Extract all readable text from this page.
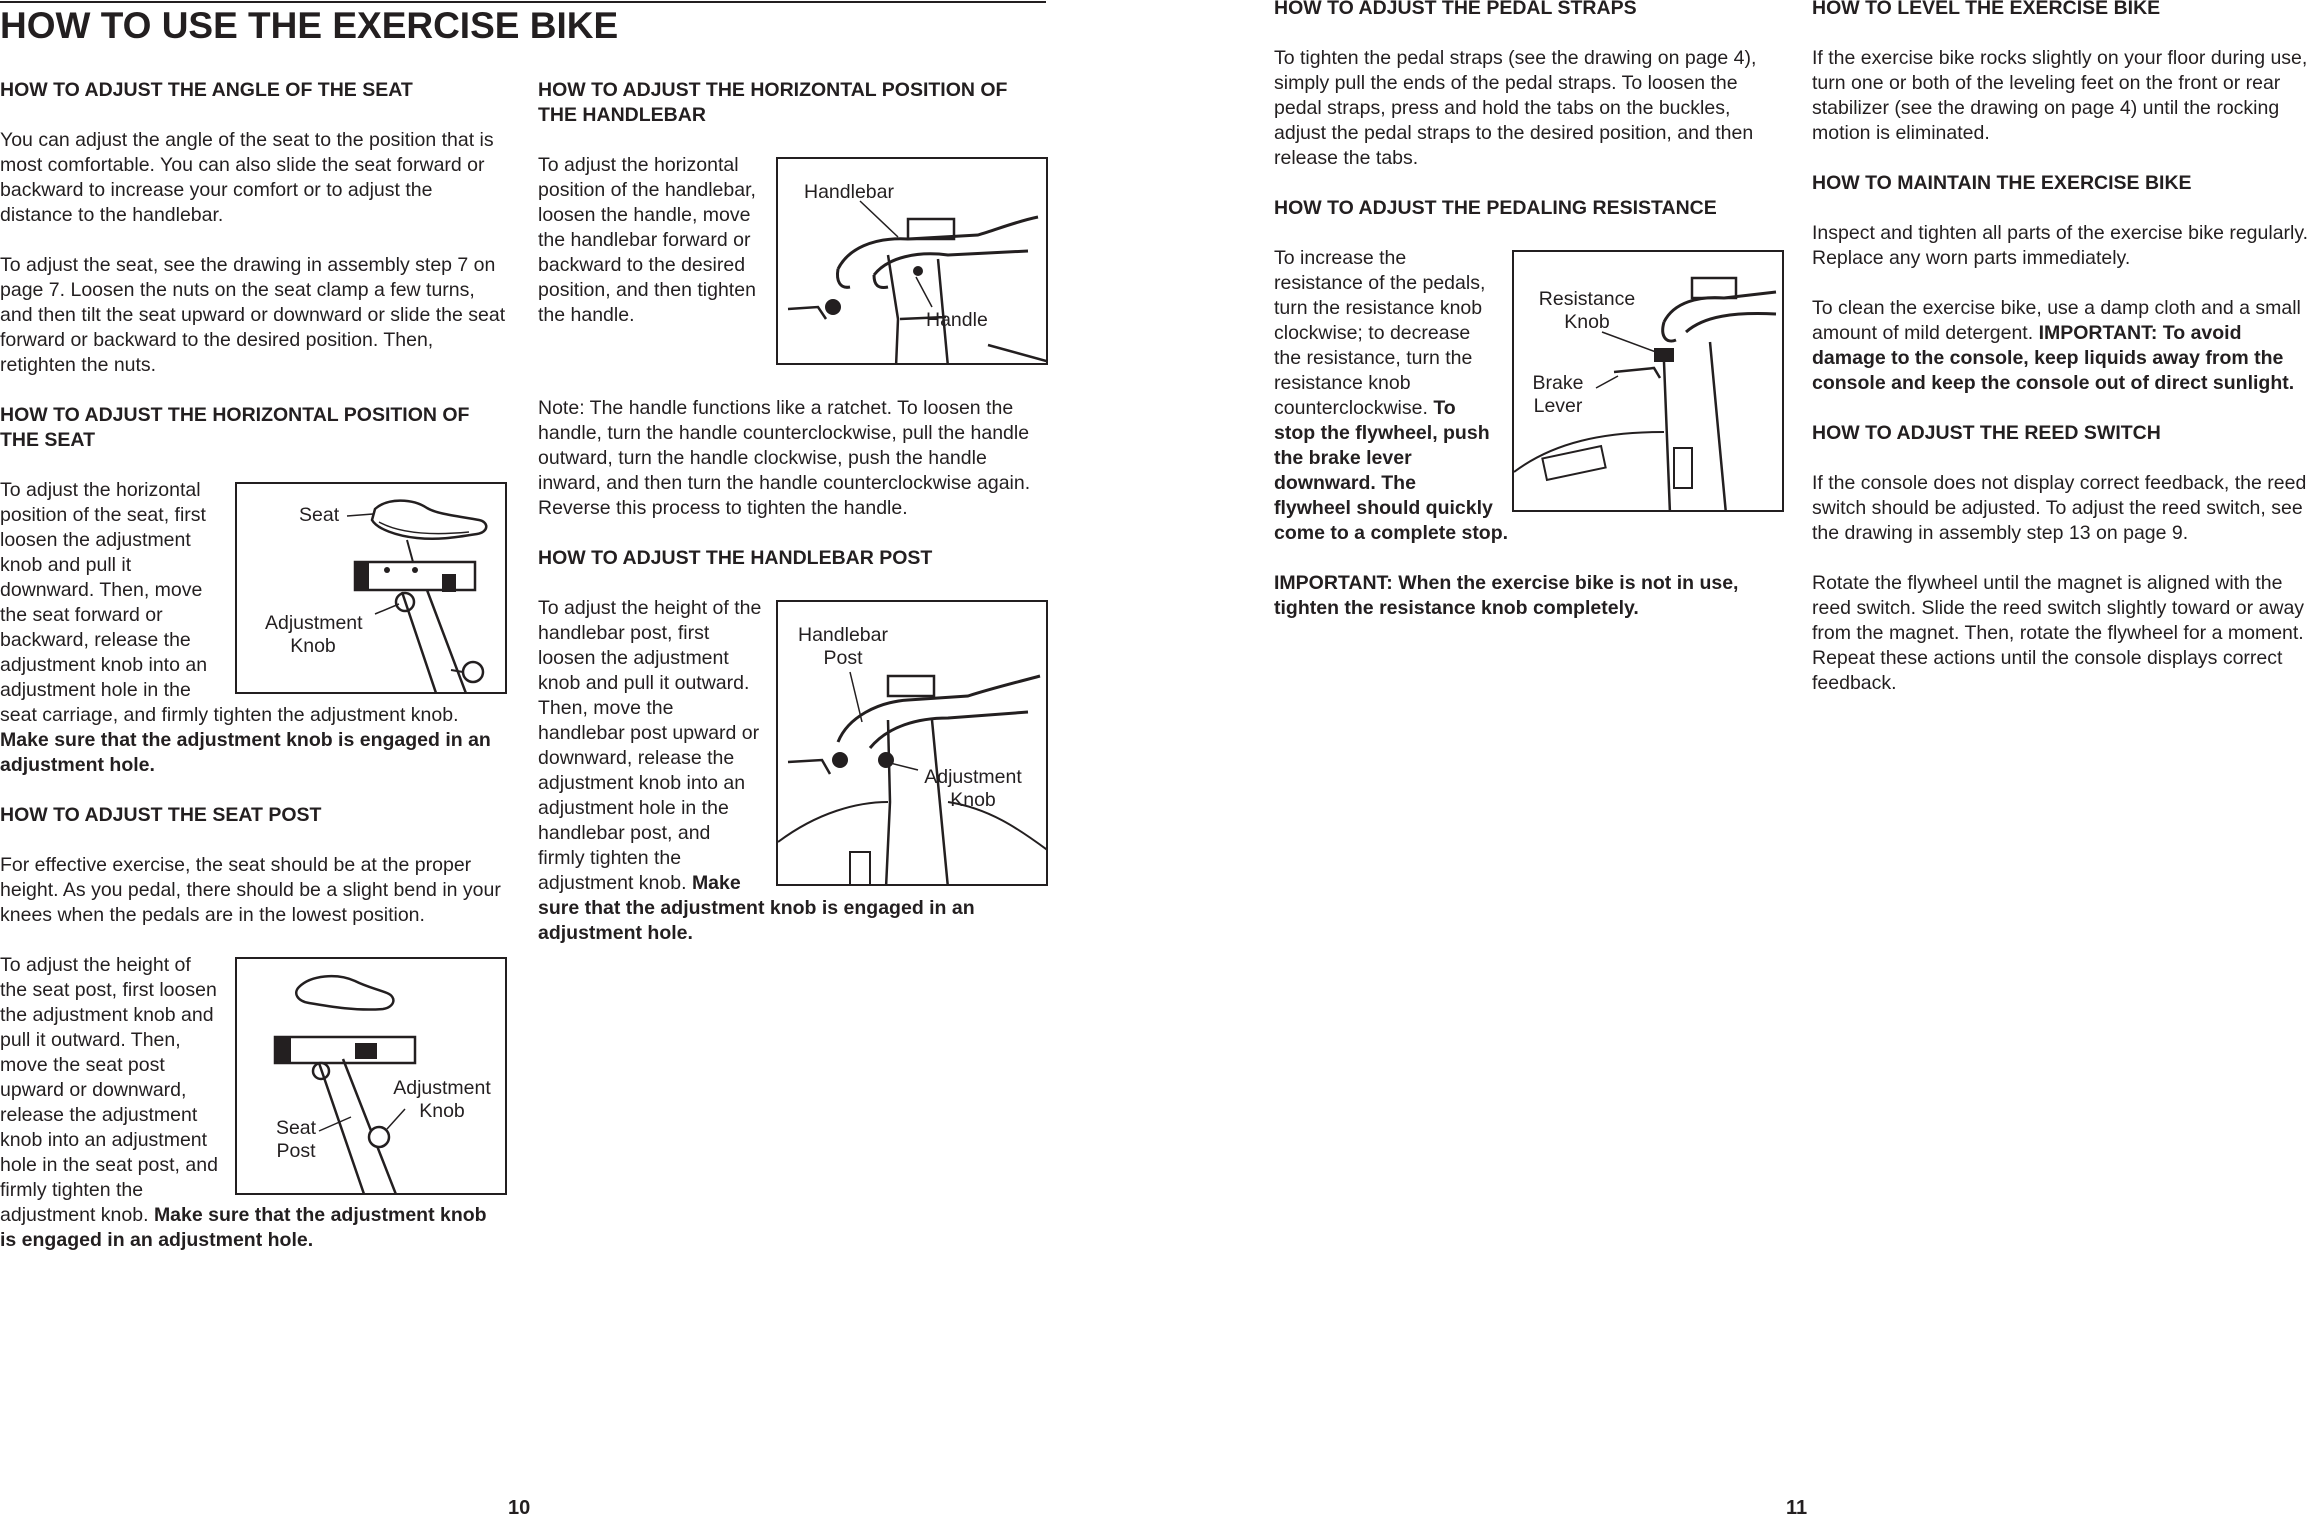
HOW TO USE THE EXERCISE BIKE
HOW TO ADJUST THE ANGLE OF THE SEAT

You can adjust the angle of the seat to the position that is most comfortable. You can also slide the seat forward or backward to increase your comfort or to adjust the distance to the handlebar.

To adjust the seat, see the drawing in assembly step 7 on page 7. Loosen the nuts on the seat clamp a few turns, and then tilt the seat upward or downward or slide the seat forward or backward to the desired position. Then, retighten the nuts.

HOW TO ADJUST THE HORIZONTAL POSITION OF THE SEAT
Seat
Adjustment Knob

To adjust the horizontal position of the seat, first loosen the adjustment knob and pull it downward. Then, move the seat forward or backward, release the adjustment knob into an adjustment hole in the seat carriage, and firmly tighten the adjustment knob. Make sure that the adjustment knob is engaged in an adjustment hole.

HOW TO ADJUST THE SEAT POST

For effective exercise, the seat should be at the proper height. As you pedal, there should be a slight bend in your knees when the pedals are in the lowest position.

Adjustment Knob
Seat Post

To adjust the height of the seat post, first loosen the adjustment knob and pull it outward. Then, move the seat post upward or downward, release the adjustment knob into an adjustment hole in the seat post, and firmly tighten the adjustment knob. Make sure that the adjustment knob is engaged in an adjustment hole.

HOW TO ADJUST THE HORIZONTAL POSITION OF THE HANDLEBAR
Handlebar
Handle

To adjust the horizontal position of the handlebar, loosen the handle, move the handlebar forward or backward to the desired position, and then tighten the handle.

Note: The handle functions like a ratchet. To loosen the handle, turn the handle counterclockwise, pull the handle outward, turn the handle clockwise, push the handle inward, and then turn the handle counterclockwise again. Reverse this process to tighten the handle.

HOW TO ADJUST THE HANDLEBAR POST
Handlebar Post
Adjustment Knob

To adjust the height of the handlebar post, first loosen the adjustment knob and pull it outward. Then, move the handlebar post upward or downward, release the adjustment knob into an adjustment hole in the handlebar post, and firmly tighten the adjustment knob. Make sure that the adjustment knob is engaged in an adjustment hole.

10
HOW TO ADJUST THE PEDAL STRAPS

To tighten the pedal straps (see the drawing on page 4), simply pull the ends of the pedal straps. To loosen the pedal straps, press and hold the tabs on the buckles, adjust the pedal straps to the desired position, and then release the tabs.

HOW TO ADJUST THE PEDALING RESISTANCE
Resistance Knob
Brake Lever

To increase the resistance of the pedals, turn the resistance knob clockwise; to decrease the resistance, turn the resistance knob counterclockwise. To stop the flywheel, push the brake lever downward. The flywheel should quickly come to a complete stop.

IMPORTANT: When the exercise bike is not in use, tighten the resistance knob completely.

HOW TO LEVEL THE EXERCISE BIKE

If the exercise bike rocks slightly on your floor during use, turn one or both of the leveling feet on the front or rear stabilizer (see the drawing on page 4) until the rocking motion is eliminated.

HOW TO MAINTAIN THE EXERCISE BIKE

Inspect and tighten all parts of the exercise bike regularly. Replace any worn parts immediately.

To clean the exercise bike, use a damp cloth and a small amount of mild detergent. IMPORTANT: To avoid damage to the console, keep liquids away from the console and keep the console out of direct sunlight.

HOW TO ADJUST THE REED SWITCH

If the console does not display correct feedback, the reed switch should be adjusted. To adjust the reed switch, see the drawing in assembly step 13 on page 9.

Rotate the flywheel until the magnet is aligned with the reed switch. Slide the reed switch slightly toward or away from the magnet. Then, rotate the flywheel for a moment. Repeat these actions until the console displays correct feedback.

11
